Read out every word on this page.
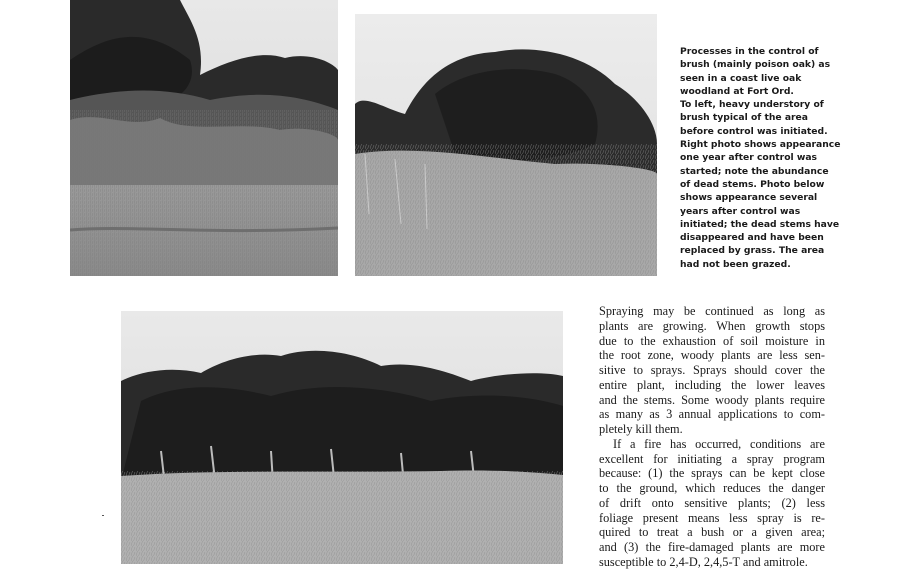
Processes in the control of
brush (mainly poison oak) as
seen in a coast live oak
woodland at Fort Ord.
To left, heavy understory of
brush typical of the area
before control was initiated.
Right photo shows appearance
one year after control was
started; note the abundance
of dead stems. Photo below
shows appearance several
years after control was
initiated; the dead stems have
disappeared and have been
replaced by grass. The area
had not been grazed.
Spraying may be continued as long as
plants are growing. When growth stops
due to the exhaustion of soil moisture in
the root zone, woody plants are less sen-
sitive to sprays. Sprays should cover the
entire plant, including the lower leaves
and the stems. Some woody plants require
as many as 3 annual applications to com-
pletely kill them.
If a fire has occurred, conditions are
excellent for initiating a spray program
because: (1) the sprays can be kept close
to the ground, which reduces the danger
of drift onto sensitive plants; (2) less
foliage present means less spray is re-
quired to treat a bush or a given area;
and (3) the fire-damaged plants are more
susceptible to 2,4-D, 2,4,5-T and amitrole.
